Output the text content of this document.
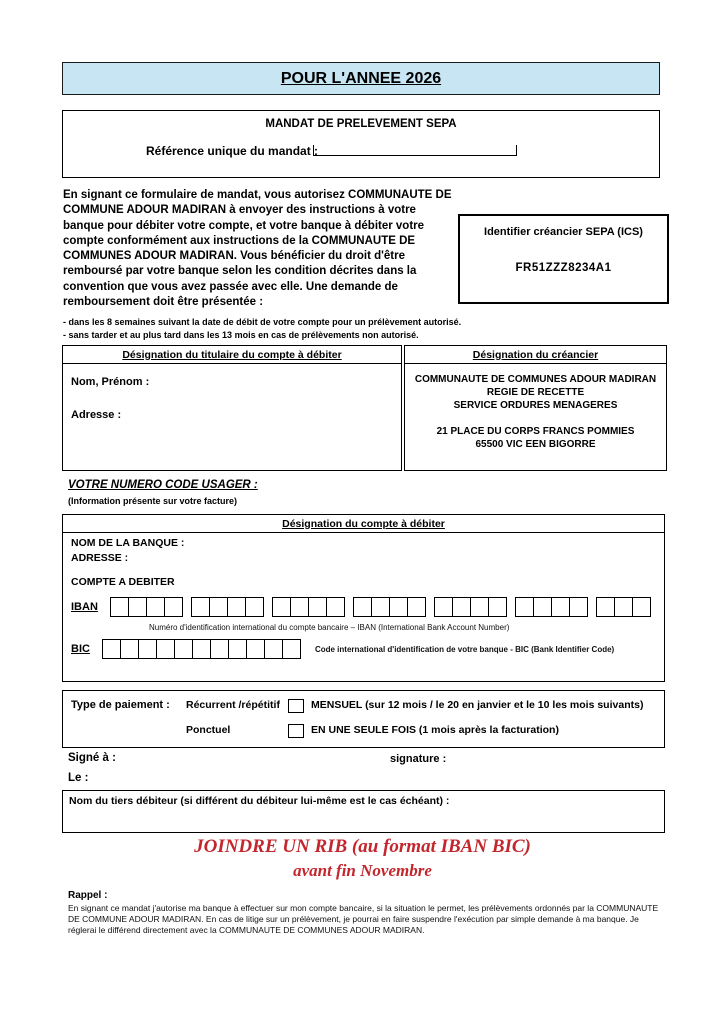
POUR L'ANNEE 2026
MANDAT DE PRELEVEMENT SEPA
Référence unique du mandat :
En signant ce formulaire de mandat, vous autorisez COMMUNAUTE DE COMMUNE ADOUR MADIRAN à envoyer des instructions à votre banque pour débiter votre compte, et votre banque à débiter votre compte conformément aux instructions de la COMMUNAUTE DE COMMUNES ADOUR MADIRAN. Vous bénéficier du droit d'être remboursé par votre banque selon les condition décrites dans la convention que vous avez passée avec elle. Une demande de remboursement doit être présentée :
- dans les 8 semaines suivant la date de débit de votre compte pour un prélèvement autorisé.
- sans tarder et au plus tard dans les 13 mois en cas de prélèvements non autorisé.
Identifier créancier SEPA (ICS)
FR51ZZZ8234A1
Désignation du titulaire du compte à débiter
Nom, Prénom :
Adresse :
Désignation du créancier
COMMUNAUTE DE COMMUNES ADOUR MADIRAN
REGIE DE RECETTE
SERVICE ORDURES MENAGERES
21 PLACE DU CORPS FRANCS POMMIES
65500 VIC EEN BIGORRE
VOTRE NUMERO CODE USAGER :
(Information présente sur votre facture)
Désignation du compte à débiter
NOM DE LA BANQUE :
ADRESSE :
COMPTE A DEBITER
IBAN
Numéro d'identification international du compte bancaire – IBAN (International Bank Account Number)
BIC	Code international d'identification de votre banque - BIC (Bank Identifier Code)
Type de paiement : Récurrent /répétitif	MENSUEL (sur 12 mois / le 20 en janvier et le 10 les mois suivants)
Ponctuel	EN UNE SEULE FOIS (1 mois après la facturation)
Signé à :	signature :
Le :
Nom du tiers débiteur (si différent du débiteur lui-même est le cas échéant) :
JOINDRE UN RIB (au format IBAN BIC)
avant fin Novembre
Rappel :
En signant ce mandat j'autorise ma banque à effectuer sur mon compte bancaire, si la situation le permet, les prélèvements ordonnés par la COMMUNAUTE DE COMMUNE ADOUR MADIRAN. En cas de litige sur un prélèvement, je pourrai en faire suspendre l'exécution par simple demande à ma banque. Je réglerai le différend directement avec la COMMUNAUTE DE COMMUNES ADOUR MADIRAN.
